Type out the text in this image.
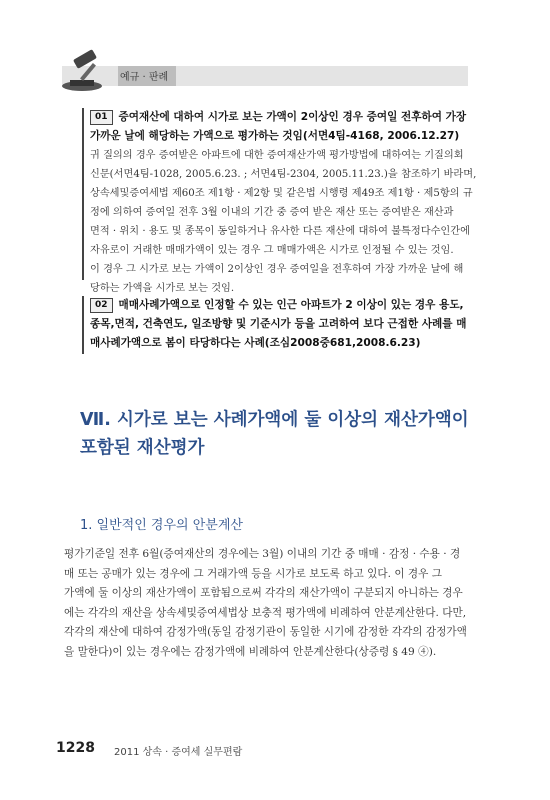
예규 · 판례
01 증여재산에 대하여 시가로 보는 가액이 2이상인 경우 증여일 전후하여 가장
가까운 날에 해당하는 가액으로 평가하는 것임(서면4팀-4168, 2006.12.27)
귀 질의의 경우 증여받은 아파트에 대한 증여재산가액 평가방법에 대하여는 기질의회
신문(서면4팀-1028, 2005.6.23. ; 서면4팀-2304, 2005.11.23.)을 참조하기 바라며,
상속세및증여세법 제60조 제1항 · 제2항 및 같은법 시행령 제49조 제1항 · 제5항의 규
정에 의하여 증여일 전후 3월 이내의 기간 중 증여 받은 재산 또는 증여받은 재산과
면적 · 위치 · 용도 및 종목이 동일하거나 유사한 다른 재산에 대하여 불특정다수인간에
자유로이 거래한 매매가액이 있는 경우 그 매매가액은 시가로 인정될 수 있는 것임.
이 경우 그 시가로 보는 가액이 2이상인 경우 증여일을 전후하여 가장 가까운 날에 해
당하는 가액을 시가로 보는 것임.
02 매매사례가액으로 인정할 수 있는 인근 아파트가 2 이상이 있는 경우 용도,
종목,면적, 건축연도, 일조방향 및 기준시가 등을 고려하여 보다 근접한 사례를 매
매사례가액으로 봄이 타당하다는 사례(조심2008중681,2008.6.23)
Ⅶ. 시가로 보는 사례가액에 둘 이상의 재산가액이
포함된 재산평가
1. 일반적인 경우의 안분계산
평가기준일 전후 6월(증여재산의 경우에는 3월) 이내의 기간 중 매매 · 감정 · 수용 · 경
매 또는 공매가 있는 경우에 그 거래가액 등을 시가로 보도록 하고 있다. 이 경우 그
가액에 둘 이상의 재산가액이 포함됨으로써 각각의 재산가액이 구분되지 아니하는 경우
에는 각각의 재산을 상속세및증여세법상 보충적 평가액에 비례하여 안분계산한다. 다만,
각각의 재산에 대하여 감정가액(동일 감정기관이 동일한 시기에 감정한 각각의 감정가액
을 말한다)이 있는 경우에는 감정가액에 비례하여 안분계산한다(상증령 § 49 ④).
1228 2011 상속 · 증여세 실무편람
